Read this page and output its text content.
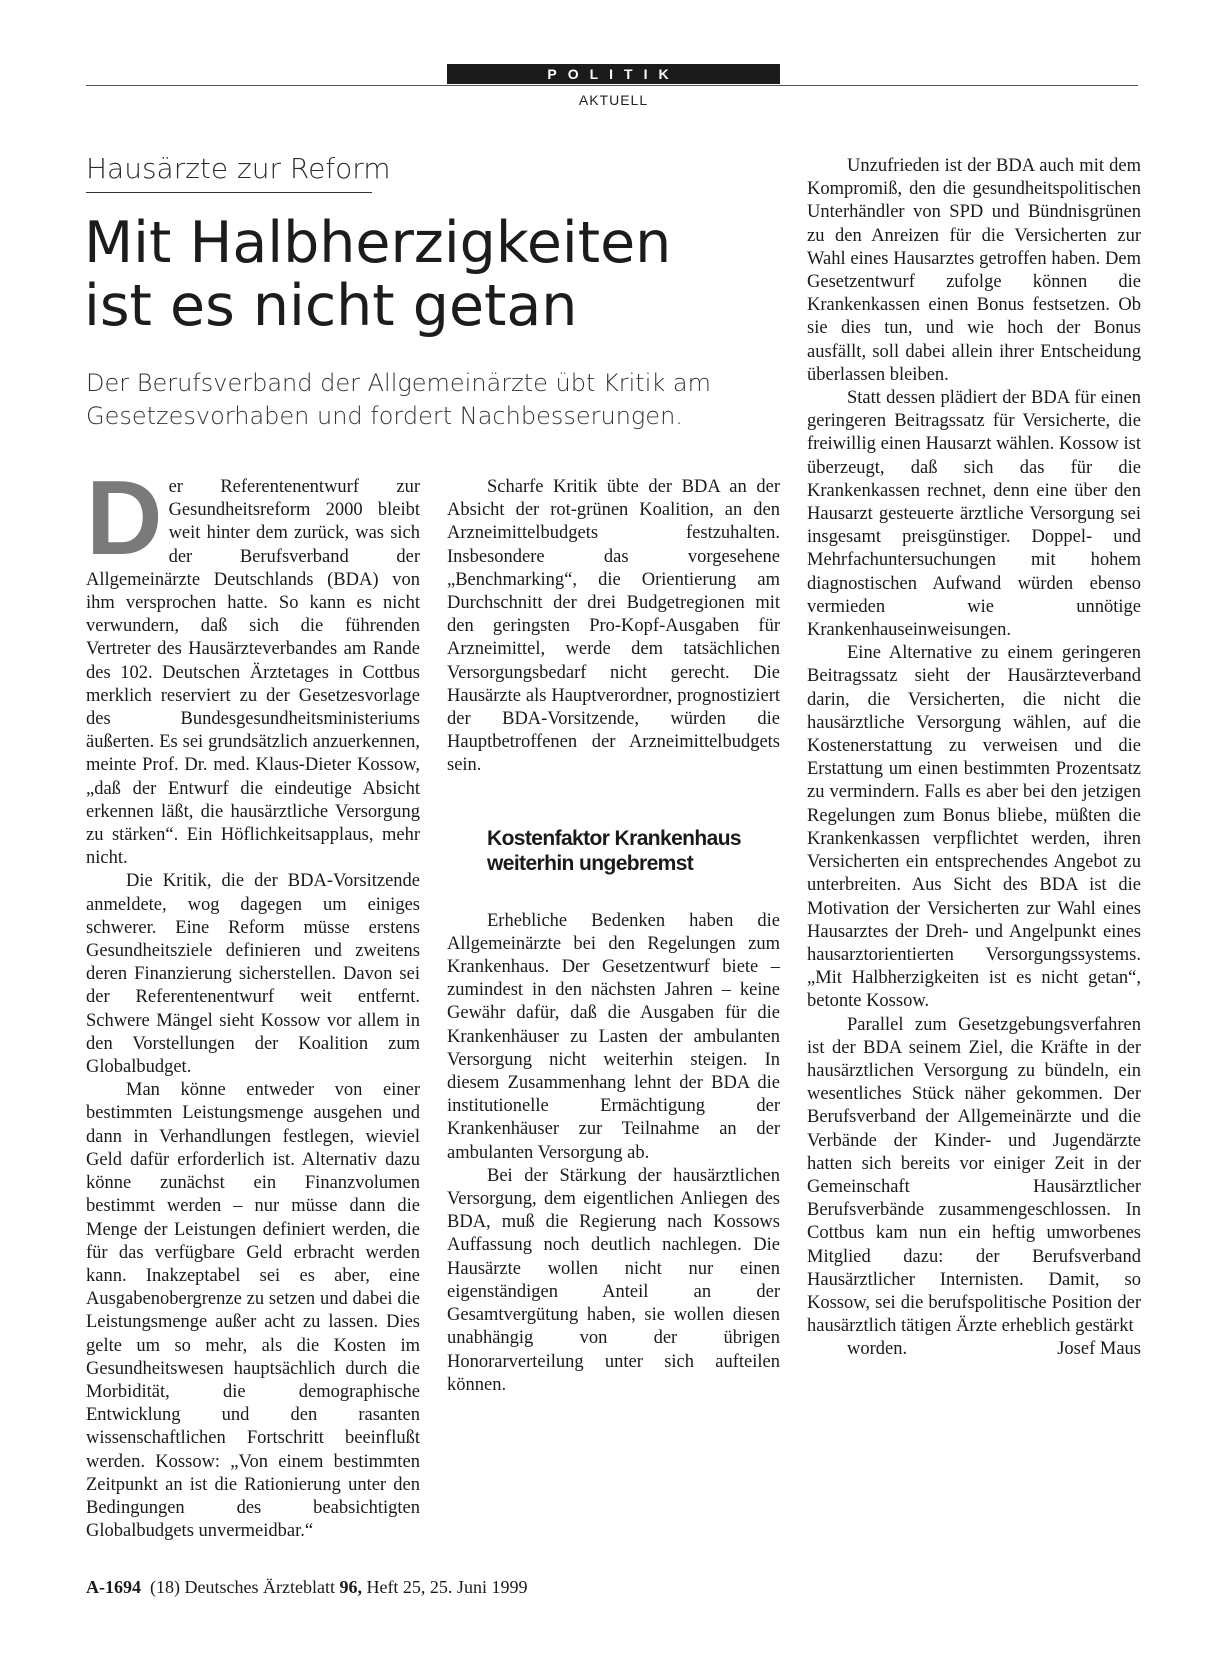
POLITIK
AKTUELL
Hausärzte zur Reform
Mit Halbherzigkeiten ist es nicht getan
Der Berufsverband der Allgemeinärzte übt Kritik am Gesetzesvorhaben und fordert Nachbesserungen.

Der Referentenentwurf zur Gesundheitsreform 2000 bleibt weit hinter dem zurück, was sich der Berufsverband der Allgemeinärzte Deutschlands (BDA) von ihm versprochen hatte. So kann es nicht verwundern, daß sich die führenden Vertreter des Hausärzteverbandes am Rande des 102. Deutschen Ärztetages in Cottbus merklich reserviert zu der Gesetzesvorlage des Bundesgesundheitsministeriums äußerten. Es sei grundsätzlich anzuerkennen, meinte Prof. Dr. med. Klaus-Dieter Kossow, „daß der Entwurf die eindeutige Absicht erkennen läßt, die hausärztliche Versorgung zu stärken“. Ein Höflichkeitsapplaus, mehr nicht.

Die Kritik, die der BDA-Vorsitzende anmeldete, wog dagegen um einiges schwerer. Eine Reform müsse erstens Gesundheitsziele definieren und zweitens deren Finanzierung sicherstellen. Davon sei der Referentenentwurf weit entfernt. Schwere Mängel sieht Kossow vor allem in den Vorstellungen der Koalition zum Globalbudget.

Man könne entweder von einer bestimmten Leistungsmenge ausgehen und dann in Verhandlungen festlegen, wieviel Geld dafür erforderlich ist. Alternativ dazu könne zunächst ein Finanzvolumen bestimmt werden – nur müsse dann die Menge der Leistungen definiert werden, die für das verfügbare Geld erbracht werden kann. Inakzeptabel sei es aber, eine Ausgabenobergrenze zu setzen und dabei die Leistungsmenge außer acht zu lassen. Dies gelte um so mehr, als die Kosten im Gesundheitswesen hauptsächlich durch die Morbidität, die demographische Entwicklung und den rasanten wissenschaftlichen Fortschritt beeinflußt werden. Kossow: „Von einem bestimmten Zeitpunkt an ist die Rationierung unter den Bedingungen des beabsichtigten Globalbudgets unvermeidbar.“

Scharfe Kritik übte der BDA an der Absicht der rot-grünen Koalition, an den Arzneimittelbudgets festzuhalten. Insbesondere das vorgesehene „Benchmarking“, die Orientierung am Durchschnitt der drei Budgetregionen mit den geringsten Pro-Kopf-Ausgaben für Arzneimittel, werde dem tatsächlichen Versorgungsbedarf nicht gerecht. Die Hausärzte als Hauptverordner, prognostiziert der BDA-Vorsitzende, würden die Hauptbetroffenen der Arzneimittelbudgets sein.

Kostenfaktor Krankenhaus
weiterhin ungebremst

Erhebliche Bedenken haben die Allgemeinärzte bei den Regelungen zum Krankenhaus. Der Gesetzentwurf biete – zumindest in den nächsten Jahren – keine Gewähr dafür, daß die Ausgaben für die Krankenhäuser zu Lasten der ambulanten Versorgung nicht weiterhin steigen. In diesem Zusammenhang lehnt der BDA die institutionelle Ermächtigung der Krankenhäuser zur Teilnahme an der ambulanten Versorgung ab.

Bei der Stärkung der hausärztlichen Versorgung, dem eigentlichen Anliegen des BDA, muß die Regierung nach Kossows Auffassung noch deutlich nachlegen. Die Hausärzte wollen nicht nur einen eigenständigen Anteil an der Gesamtvergütung haben, sie wollen diesen unabhängig von der übrigen Honorarverteilung unter sich aufteilen können.

Unzufrieden ist der BDA auch mit dem Kompromiß, den die gesundheitspolitischen Unterhändler von SPD und Bündnisgrünen zu den Anreizen für die Versicherten zur Wahl eines Hausarztes getroffen haben. Dem Gesetzentwurf zufolge können die Krankenkassen einen Bonus festsetzen. Ob sie dies tun, und wie hoch der Bonus ausfällt, soll dabei allein ihrer Entscheidung überlassen bleiben.

Statt dessen plädiert der BDA für einen geringeren Beitragssatz für Versicherte, die freiwillig einen Hausarzt wählen. Kossow ist überzeugt, daß sich das für die Krankenkassen rechnet, denn eine über den Hausarzt gesteuerte ärztliche Versorgung sei insgesamt preisgünstiger. Doppel- und Mehrfachuntersuchungen mit hohem diagnostischen Aufwand würden ebenso vermieden wie unnötige Krankenhauseinweisungen.

Eine Alternative zu einem geringeren Beitragssatz sieht der Hausärzteverband darin, die Versicherten, die nicht die hausärztliche Versorgung wählen, auf die Kostenerstattung zu verweisen und die Erstattung um einen bestimmten Prozentsatz zu vermindern. Falls es aber bei den jetzigen Regelungen zum Bonus bliebe, müßten die Krankenkassen verpflichtet werden, ihren Versicherten ein entsprechendes Angebot zu unterbreiten. Aus Sicht des BDA ist die Motivation der Versicherten zur Wahl eines Hausarztes der Dreh- und Angelpunkt eines hausarztorientierten Versorgungssystems. „Mit Halbherzigkeiten ist es nicht getan“, betonte Kossow.

Parallel zum Gesetzgebungsverfahren ist der BDA seinem Ziel, die Kräfte in der hausärztlichen Versorgung zu bündeln, ein wesentliches Stück näher gekommen. Der Berufsverband der Allgemeinärzte und die Verbände der Kinder- und Jugendärzte hatten sich bereits vor einiger Zeit in der Gemeinschaft Hausärztlicher Berufsverbände zusammengeschlossen. In Cottbus kam nun ein heftig umworbenes Mitglied dazu: der Berufsverband Hausärztlicher Internisten. Damit, so Kossow, sei die berufspolitische Position der hausärztlich tätigen Ärzte erheblich gestärkt

worden.	Josef Maus

A-1694 (18) Deutsches Ärzteblatt 96, Heft 25, 25. Juni 1999
